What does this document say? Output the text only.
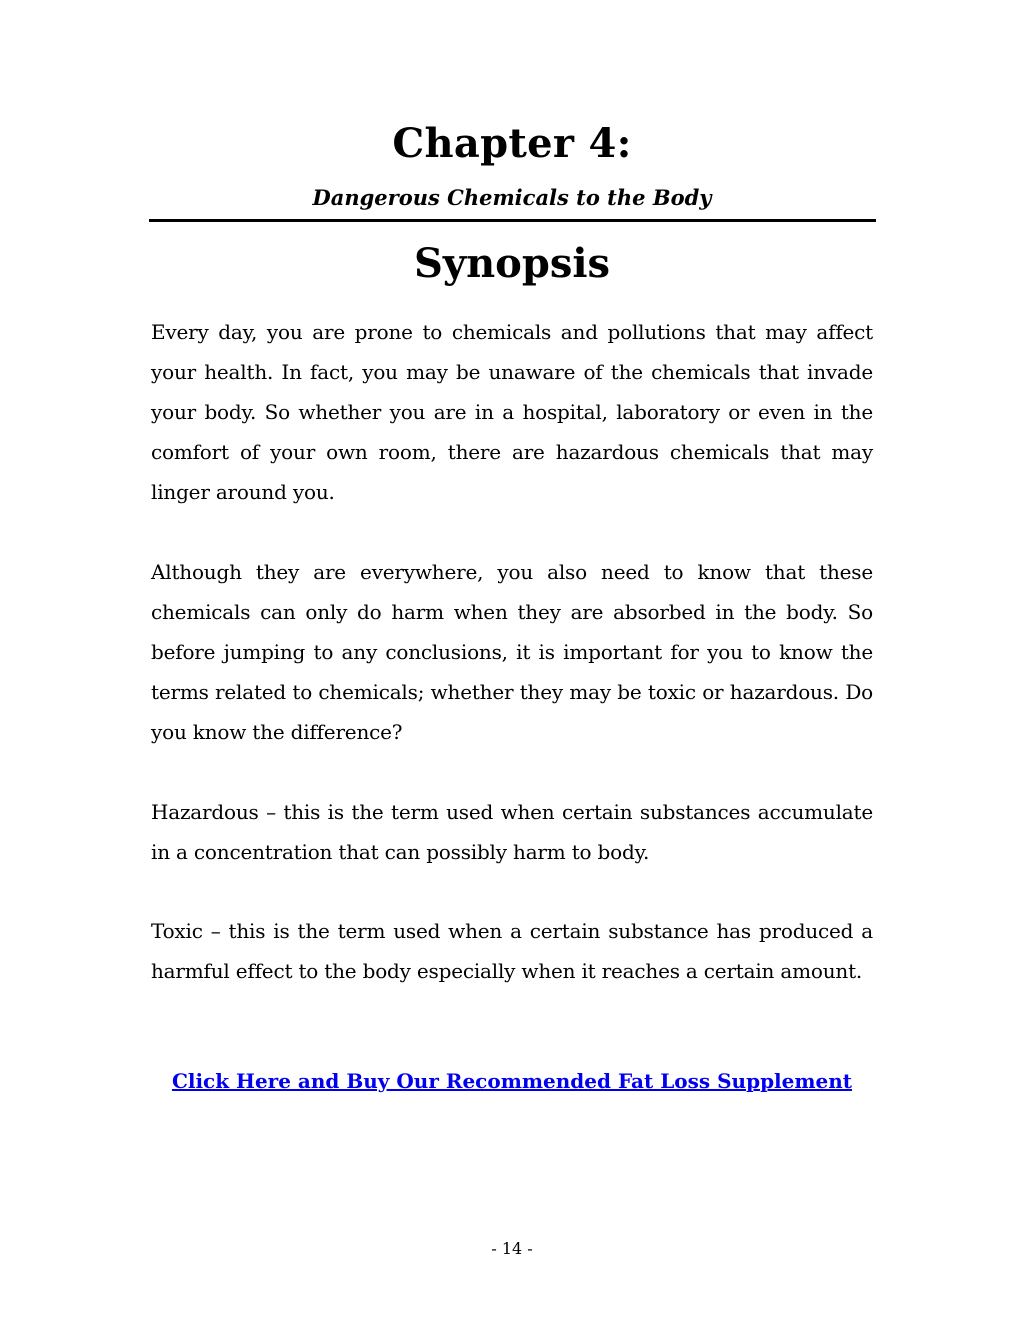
Chapter 4:

Dangerous Chemicals to the Body

Synopsis

Every day, you are prone to chemicals and pollutions that may affect your health. In fact, you may be unaware of the chemicals that invade your body. So whether you are in a hospital, laboratory or even in the comfort of your own room, there are hazardous chemicals that may linger around you.

Although they are everywhere, you also need to know that these chemicals can only do harm when they are absorbed in the body. So before jumping to any conclusions, it is important for you to know the terms related to chemicals; whether they may be toxic or hazardous. Do you know the difference?

Hazardous – this is the term used when certain substances accumulate in a concentration that can possibly harm to body.

Toxic – this is the term used when a certain substance has produced a harmful effect to the body especially when it reaches a certain amount.

Click Here and Buy Our Recommended Fat Loss Supplement
- 14 -
